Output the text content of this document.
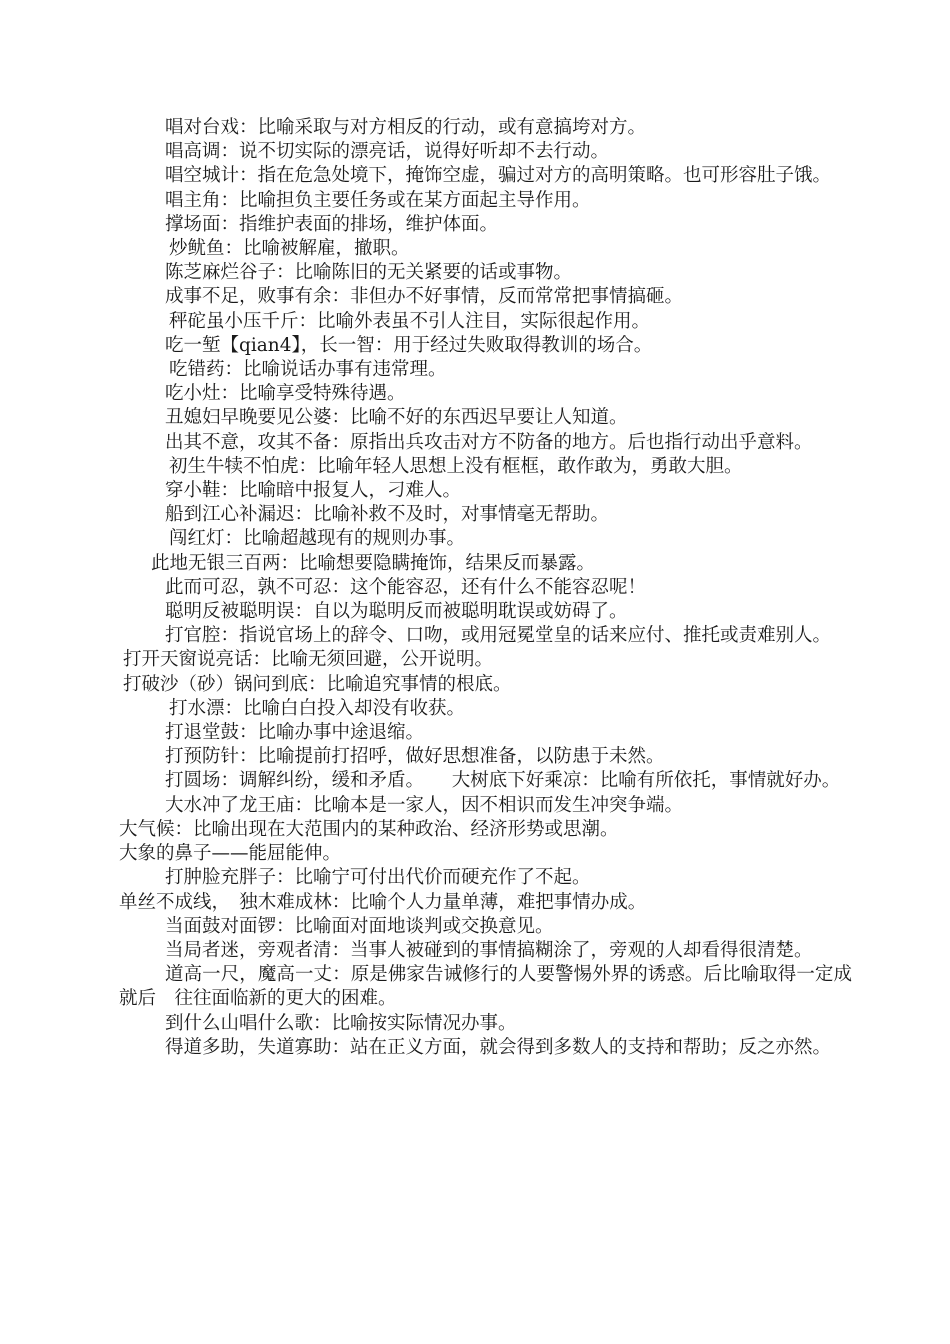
唱对台戏：比喻采取与对方相反的行动，或有意搞垮对方。

唱高调：说不切实际的漂亮话，说得好听却不去行动。

唱空城计：指在危急处境下，掩饰空虚，骗过对方的高明策略。也可形容肚子饿。

唱主角：比喻担负主要任务或在某方面起主导作用。

撑场面：指维护表面的排场，维护体面。

炒鱿鱼：比喻被解雇，撤职。

陈芝麻烂谷子：比喻陈旧的无关紧要的话或事物。

成事不足，败事有余：非但办不好事情，反而常常把事情搞砸。

秤砣虽小压千斤：比喻外表虽不引人注目，实际很起作用。

吃一堑【qian4】，长一智：用于经过失败取得教训的场合。

吃错药：比喻说话办事有违常理。

吃小灶：比喻享受特殊待遇。

丑媳妇早晚要见公婆：比喻不好的东西迟早要让人知道。

出其不意，攻其不备：原指出兵攻击对方不防备的地方。后也指行动出乎意料。

初生牛犊不怕虎：比喻年轻人思想上没有框框，敢作敢为，勇敢大胆。

穿小鞋：比喻暗中报复人，刁难人。

船到江心补漏迟：比喻补救不及时，对事情毫无帮助。

闯红灯：比喻超越现有的规则办事。

此地无银三百两：比喻想要隐瞒掩饰，结果反而暴露。

此而可忍，孰不可忍：这个能容忍，还有什么不能容忍呢！

聪明反被聪明误：自以为聪明反而被聪明耽误或妨碍了。

打官腔：指说官场上的辞令、口吻，或用冠冕堂皇的话来应付、推托或责难别人。

打开天窗说亮话：比喻无须回避，公开说明。

打破沙（砂）锅问到底：比喻追究事情的根底。

打水漂：比喻白白投入却没有收获。

打退堂鼓：比喻办事中途退缩。

打预防针：比喻提前打招呼，做好思想准备，以防患于未然。

打圆场：调解纠纷，缓和矛盾。　　大树底下好乘凉：比喻有所依托，事情就好办。

大水冲了龙王庙：比喻本是一家人，因不相识而发生冲突争端。

大气候：比喻出现在大范围内的某种政治、经济形势或思潮。

大象的鼻子——能屈能伸。

打肿脸充胖子：比喻宁可付出代价而硬充作了不起。

单丝不成线，　独木难成林：比喻个人力量单薄，难把事情办成。

当面鼓对面锣：比喻面对面地谈判或交换意见。

当局者迷，旁观者清：当事人被碰到的事情搞糊涂了，旁观的人却看得很清楚。

道高一尺，魔高一丈：原是佛家告诫修行的人要警惕外界的诱惑。后比喻取得一定成就后　往往面临新的更大的困难。

到什么山唱什么歌：比喻按实际情况办事。

得道多助，失道寡助：站在正义方面，就会得到多数人的支持和帮助；反之亦然。
